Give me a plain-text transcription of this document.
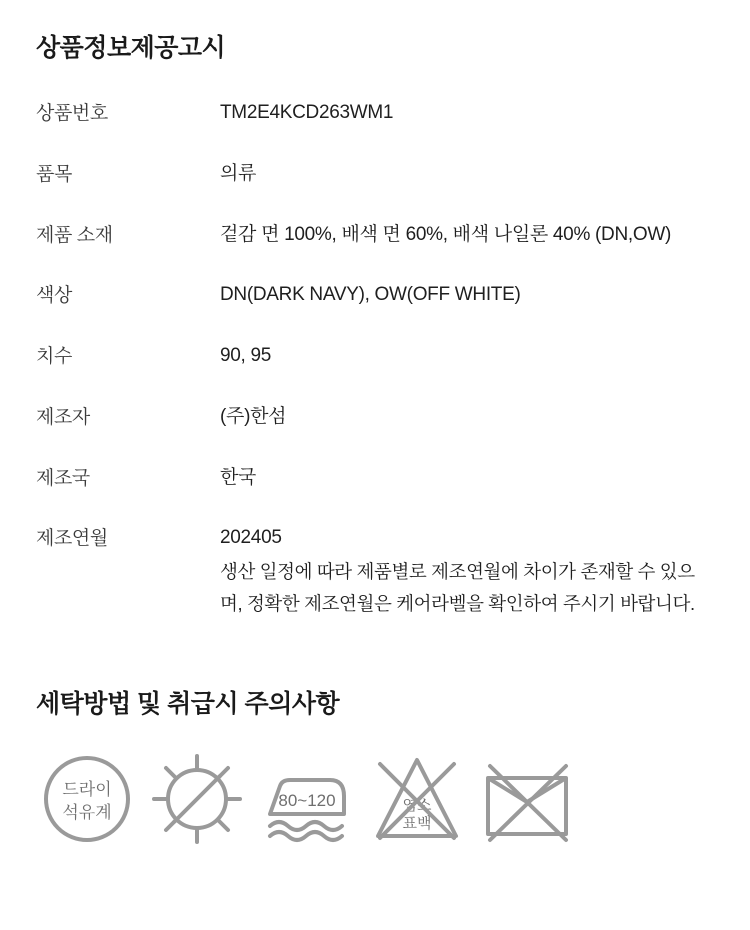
상품정보제공고시
상품번호	TM2E4KCD263WM1
품목	의류
제품 소재	겉감 면 100%, 배색 면 60%, 배색 나일론 40% (DN,OW)
색상	DN(DARK NAVY), OW(OFF WHITE)
치수	90, 95
제조자	(주)한섬
제조국	한국
제조연월	202405
생산 일정에 따라 제품별로 제조연월에 차이가 존재할 수 있으며, 정확한 제조연월은 케어라벨을 확인하여 주시기 바랍니다.
세탁방법 및 취급시 주의사항
드라이
석유계
80~120	염소
표백
